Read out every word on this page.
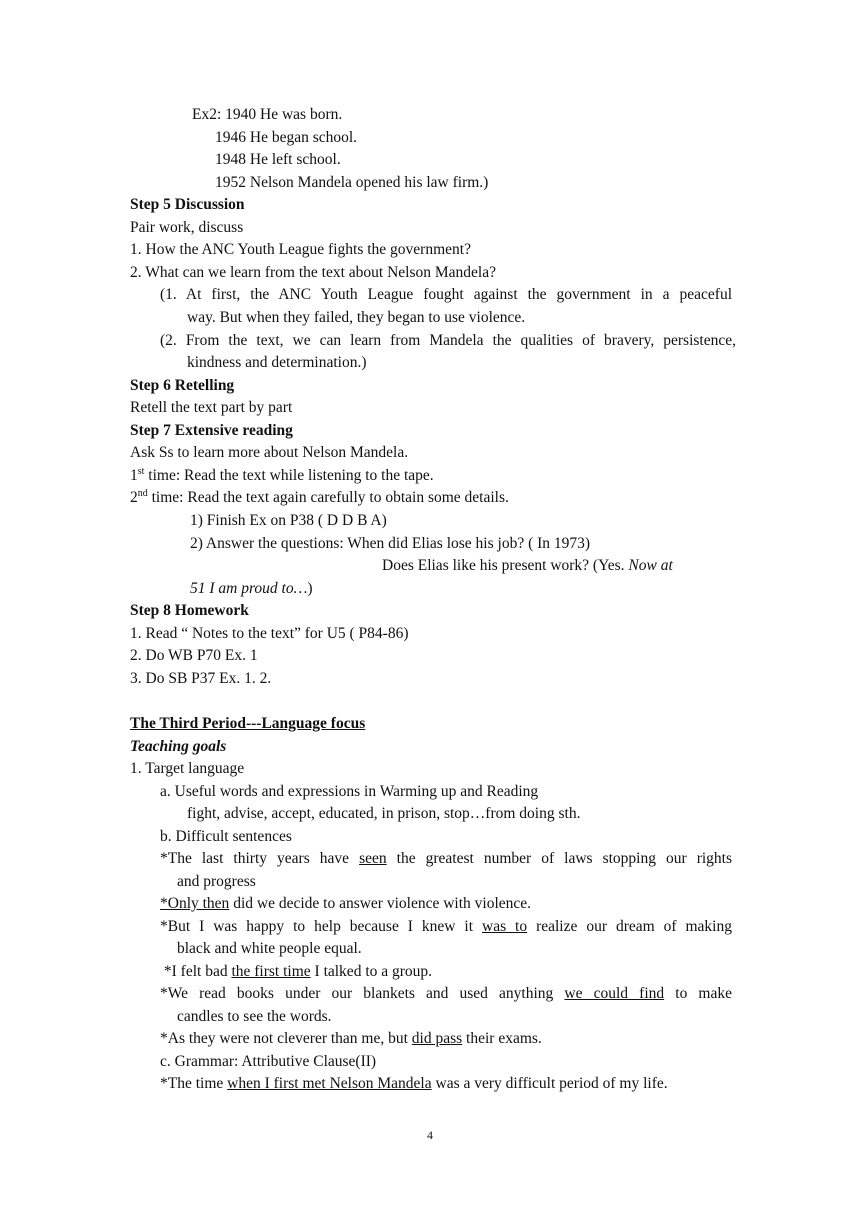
Ex2: 1940 He was born.
1946 He began school.
1948 He left school.
1952 Nelson Mandela opened his law firm.)
Step 5 Discussion
Pair work, discuss
1. How the ANC Youth League fights the government?
2. What can we learn from the text about Nelson Mandela?
(1. At first, the ANC Youth League fought against the government in a peaceful
way. But when they failed, they began to use violence.
(2. From the text, we can learn from Mandela the qualities of bravery, persistence,
kindness and determination.)
Step 6 Retelling
Retell the text part by part
Step 7 Extensive reading
Ask Ss to learn more about Nelson Mandela.
1st time: Read the text while listening to the tape.
2nd time: Read the text again carefully to obtain some details.
1) Finish Ex on P38 ( D D B A)
2) Answer the questions: When did Elias lose his job? ( In 1973)
Does Elias like his present work? (Yes. Now at
51 I am proud to…)
Step 8 Homework
1. Read “ Notes to the text” for U5 ( P84-86)
2. Do WB P70 Ex. 1
3. Do SB P37 Ex. 1. 2.
The Third Period---Language focus
Teaching goals
1. Target language
a. Useful words and expressions in Warming up and Reading
fight, advise, accept, educated, in prison, stop…from doing sth.
b. Difficult sentences
*The last thirty years have seen the greatest number of laws stopping our rights
and progress
*Only then did we decide to answer violence with violence.
*But I was happy to help because I knew it was to realize our dream of making
black and white people equal.
*I felt bad the first time I talked to a group.
*We read books under our blankets and used anything we could find to make
candles to see the words.
*As they were not cleverer than me, but did pass their exams.
c. Grammar: Attributive Clause(II)
*The time when I first met Nelson Mandela was a very difficult period of my life.
4
